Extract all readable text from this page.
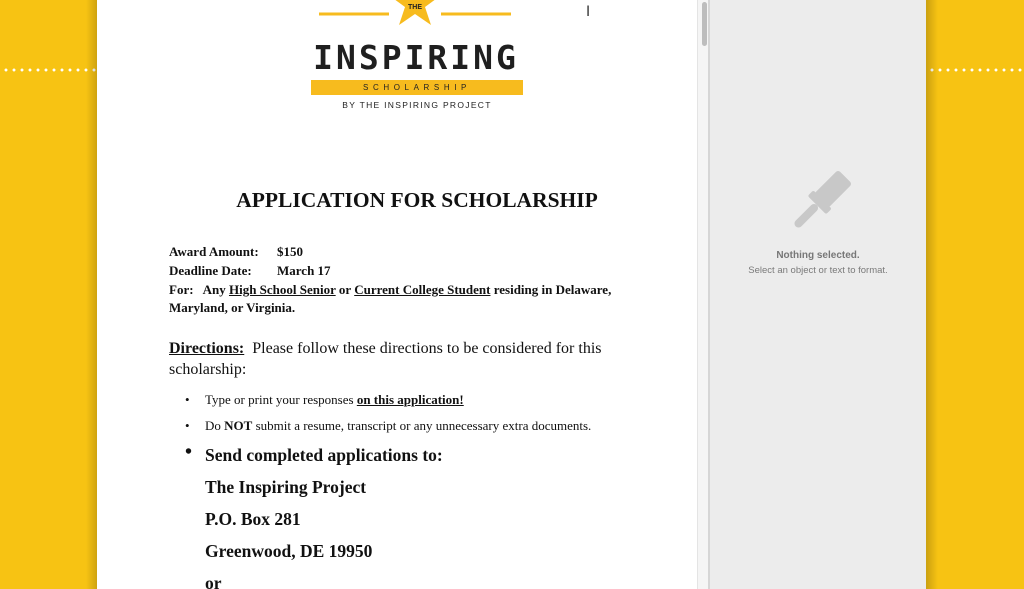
THE
INSPIRING
SCHOLARSHIP
BY THE INSPIRING PROJECT
APPLICATION FOR SCHOLARSHIP
Award Amount: $150
Deadline Date: March 17
For: Any High School Senior or Current College Student residing in Delaware,
Maryland, or Virginia.
Directions: Please follow these directions to be considered for this
scholarship:
• Type or print your responses on this application!
• Do NOT submit a resume, transcript or any unnecessary extra documents.
• Send completed applications to:
The Inspiring Project
P.O. Box 281
Greenwood, DE 19950
or
I
Nothing selected.
Select an object or text to format.
